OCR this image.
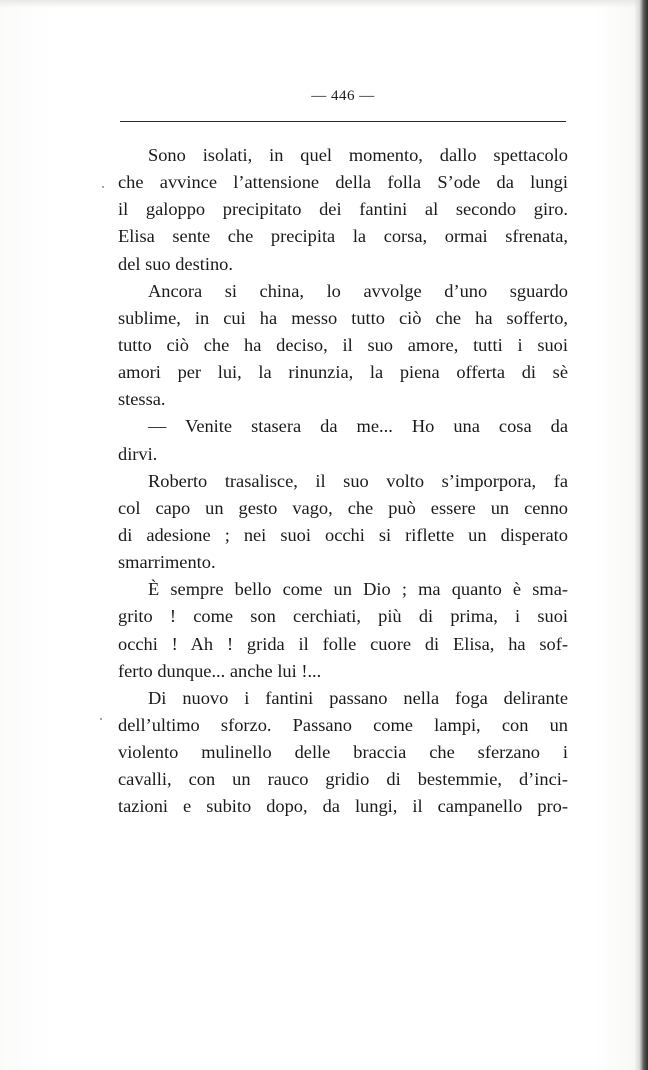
— 446 —
Sono isolati, in quel momento, dallo spettacolo
che avvince l’attensione della folla S’ode da lungi
il galoppo precipitato dei fantini al secondo giro.
Elisa sente che precipita la corsa, ormai sfrenata,
del suo destino.
Ancora si china, lo avvolge d’uno sguardo
sublime, in cui ha messo tutto ciò che ha sofferto,
tutto ciò che ha deciso, il suo amore, tutti i suoi
amori per lui, la rinunzia, la piena offerta di sè
stessa.
— Venite stasera da me... Ho una cosa da
dirvi.
Roberto trasalisce, il suo volto s’imporpora, fa
col capo un gesto vago, che può essere un cenno
di adesione ; nei suoi occhi si riflette un disperato
smarrimento.
È sempre bello come un Dio ; ma quanto è sma-
grito ! come son cerchiati, più di prima, i suoi
occhi ! Ah ! grida il folle cuore di Elisa, ha sof-
ferto dunque... anche lui !...
Di nuovo i fantini passano nella foga delirante
dell’ultimo sforzo. Passano come lampi, con un
violento mulinello delle braccia che sferzano i
cavalli, con un rauco gridio di bestemmie, d’inci-
tazioni e subito dopo, da lungi, il campanello pro-
